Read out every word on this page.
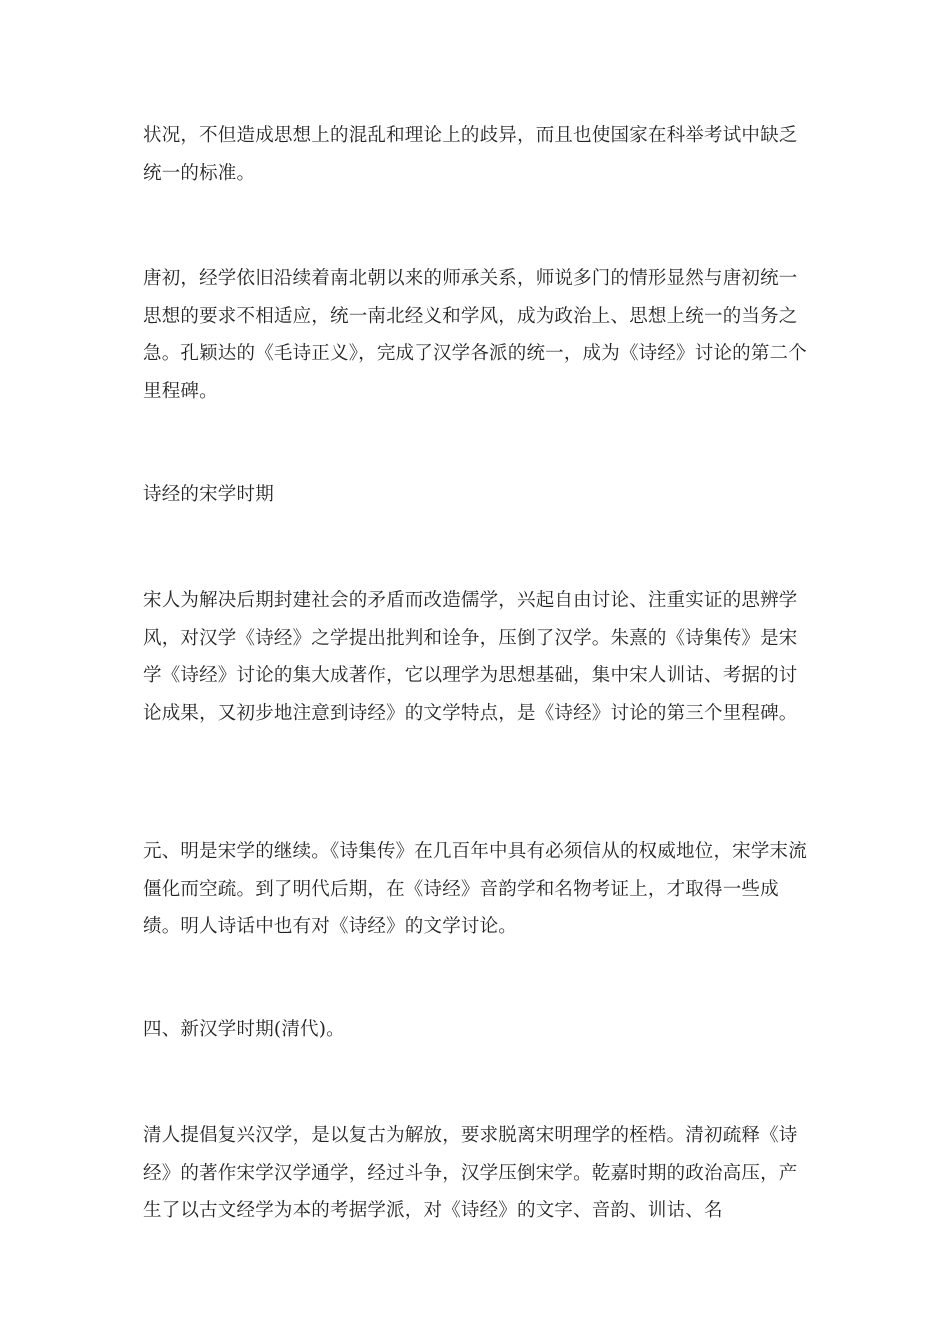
状况，不但造成思想上的混乱和理论上的歧异，而且也使国家在科举考试中缺乏统一的标准。

唐初，经学依旧沿续着南北朝以来的师承关系，师说多门的情形显然与唐初统一思想的要求不相适应，统一南北经义和学风，成为政治上、思想上统一的当务之急。孔颖达的《毛诗正义》，完成了汉学各派的统一，成为《诗经》讨论的第二个里程碑。

诗经的宋学时期

宋人为解决后期封建社会的矛盾而改造儒学，兴起自由讨论、注重实证的思辨学风，对汉学《诗经》之学提出批判和诠争，压倒了汉学。朱熹的《诗集传》是宋学《诗经》讨论的集大成著作，它以理学为思想基础，集中宋人训诂、考据的讨论成果，又初步地注意到诗经》的文学特点，是《诗经》讨论的第三个里程碑。

元、明是宋学的继续。《诗集传》在几百年中具有必须信从的权威地位，宋学末流僵化而空疏。到了明代后期，在《诗经》音韵学和名物考证上，才取得一些成绩。明人诗话中也有对《诗经》的文学讨论。

四、新汉学时期(清代)。

清人提倡复兴汉学，是以复古为解放，要求脱离宋明理学的桎梏。清初疏释《诗经》的著作宋学汉学通学，经过斗争，汉学压倒宋学。乾嘉时期的政治高压，产生了以古文经学为本的考据学派，对《诗经》的文字、音韵、训诂、名
